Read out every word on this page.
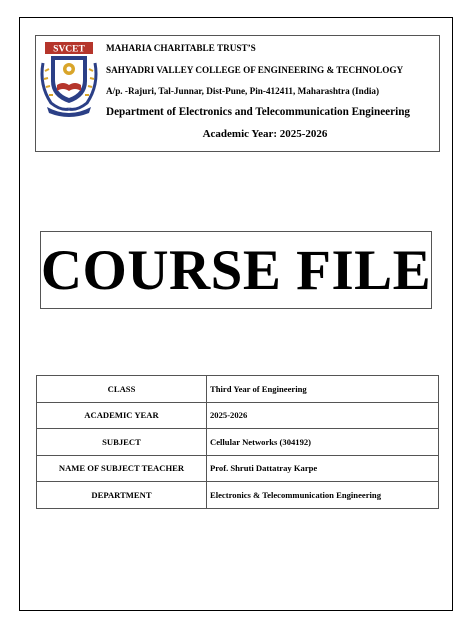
SVCET MAHARIA CHARITABLE TRUST’S
SAHYADRI VALLEY COLLEGE OF ENGINEERING & TECHNOLOGY
A/p. -Rajuri, Tal-Junnar, Dist-Pune, Pin-412411, Maharashtra (India)
Department of Electronics and Telecommunication Engineering
Academic Year: 2025-2026
COURSE FILE
CLASS	Third Year of Engineering
ACADEMIC YEAR	2025-2026
SUBJECT	Cellular Networks (304192)
NAME OF SUBJECT TEACHER	Prof. Shruti Dattatray Karpe
DEPARTMENT	Electronics & Telecommunication Engineering
